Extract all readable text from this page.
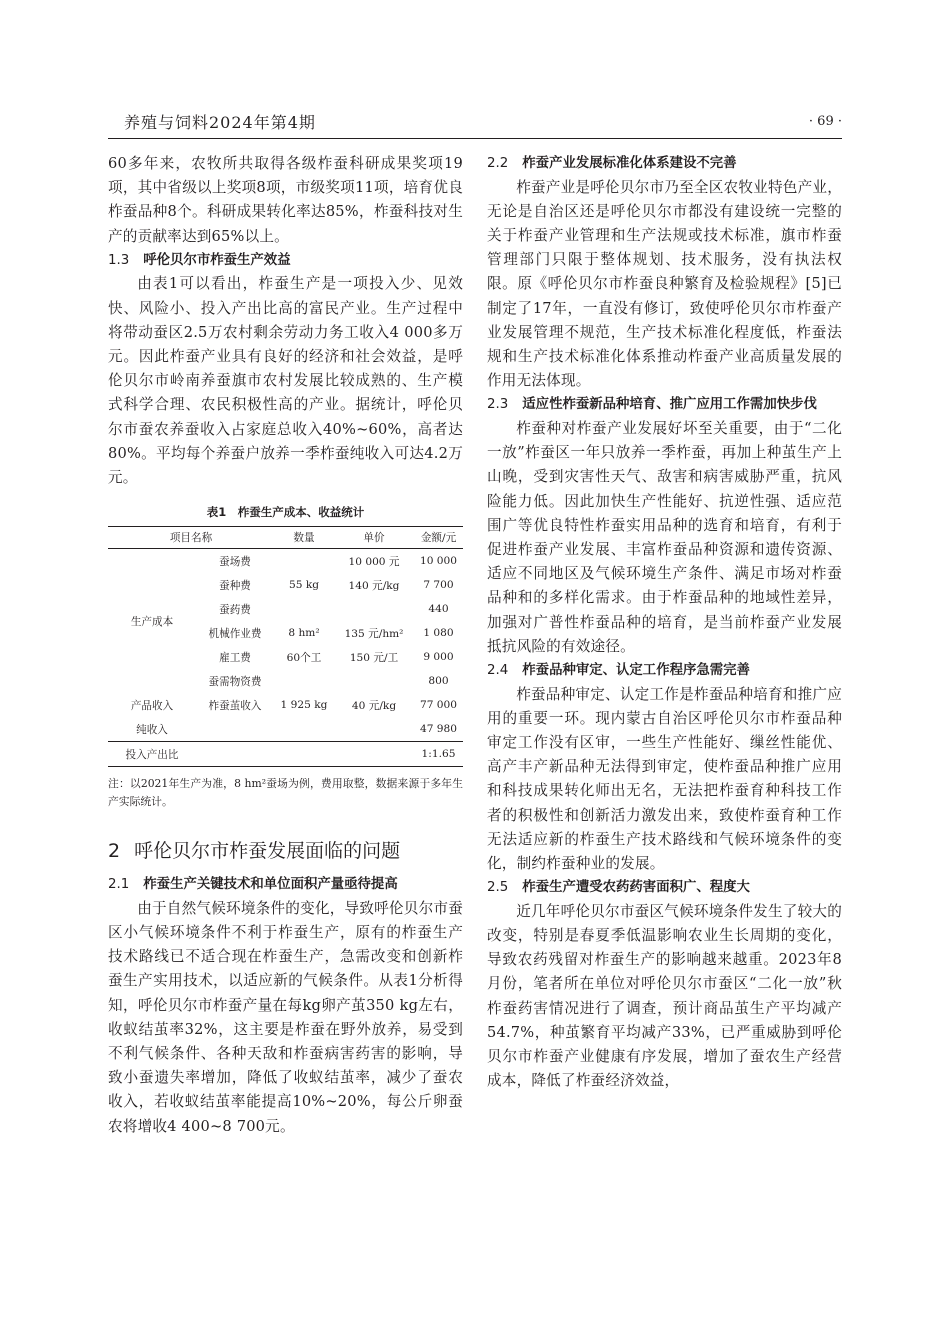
养殖与饲料2024年第4期	· 69 ·

60多年来，农牧所共取得各级柞蚕科研成果奖项19项，其中省级以上奖项8项，市级奖项11项，培育优良柞蚕品种8个。科研成果转化率达85%，柞蚕科技对生产的贡献率达到65%以上。

1.3 呼伦贝尔市柞蚕生产效益

由表1可以看出，柞蚕生产是一项投入少、见效快、风险小、投入产出比高的富民产业。生产过程中将带动蚕区2.5万农村剩余劳动力务工收入4 000多万元。因此柞蚕产业具有良好的经济和社会效益，是呼伦贝尔市岭南养蚕旗市农村发展比较成熟的、生产模式科学合理、农民积极性高的产业。据统计，呼伦贝尔市蚕农养蚕收入占家庭总收入40%~60%，高者达80%。平均每个养蚕户放养一季柞蚕纯收入可达4.2万元。

表1　柞蚕生产成本、收益统计
项目名称		数量	单价	金额/元
生产成本	蚕场费		10 000 元	10 000
	蚕种费	55 kg	140 元/kg	7 700
	蚕药费			440
	机械作业费	8 hm²	135 元/hm²	1 080
	雇工费	60个工	150 元/工	9 000
	蚕需物资费			800
产品收入	柞蚕茧收入	1 925 kg	40 元/kg	77 000
纯收入				47 980
投入产出比				1:1.65
注：以2021年生产为准，8 hm²蚕场为例，费用取整，数据来源于多年生产实际统计。
2 呼伦贝尔市柞蚕发展面临的问题
2.1 柞蚕生产关键技术和单位面积产量亟待提高

由于自然气候环境条件的变化，导致呼伦贝尔市蚕区小气候环境条件不利于柞蚕生产，原有的柞蚕生产技术路线已不适合现在柞蚕生产，急需改变和创新柞蚕生产实用技术，以适应新的气候条件。从表1分析得知，呼伦贝尔市柞蚕产量在每kg卵产茧350 kg左右，收蚁结茧率32%，这主要是柞蚕在野外放养，易受到不利气候条件、各种天敌和柞蚕病害药害的影响，导致小蚕遗失率增加，降低了收蚁结茧率，减少了蚕农收入，若收蚁结茧率能提高10%~20%，每公斤卵蚕农将增收4 400~8 700元。

2.2 柞蚕产业发展标准化体系建设不完善

柞蚕产业是呼伦贝尔市乃至全区农牧业特色产业，无论是自治区还是呼伦贝尔市都没有建设统一完整的关于柞蚕产业管理和生产法规或技术标准，旗市柞蚕管理部门只限于整体规划、技术服务，没有执法权限。原《呼伦贝尔市柞蚕良种繁育及检验规程》[5]已制定了17年，一直没有修订，致使呼伦贝尔市柞蚕产业发展管理不规范，生产技术标准化程度低，柞蚕法规和生产技术标准化体系推动柞蚕产业高质量发展的作用无法体现。

2.3 适应性柞蚕新品种培育、推广应用工作需加快步伐

柞蚕种对柞蚕产业发展好坏至关重要，由于“二化一放”柞蚕区一年只放养一季柞蚕，再加上种茧生产上山晚，受到灾害性天气、敌害和病害威胁严重，抗风险能力低。因此加快生产性能好、抗逆性强、适应范围广等优良特性柞蚕实用品种的选育和培育，有利于促进柞蚕产业发展、丰富柞蚕品种资源和遗传资源、适应不同地区及气候环境生产条件、满足市场对柞蚕品种和的多样化需求。由于柞蚕品种的地域性差异，加强对广普性柞蚕品种的培育，是当前柞蚕产业发展抵抗风险的有效途径。

2.4 柞蚕品种审定、认定工作程序急需完善

柞蚕品种审定、认定工作是柞蚕品种培育和推广应用的重要一环。现内蒙古自治区呼伦贝尔市柞蚕品种审定工作没有区审，一些生产性能好、缫丝性能优、高产丰产新品种无法得到审定，使柞蚕品种推广应用和科技成果转化师出无名，无法把柞蚕育种科技工作者的积极性和创新活力激发出来，致使柞蚕育种工作无法适应新的柞蚕生产技术路线和气候环境条件的变化，制约柞蚕种业的发展。

2.5 柞蚕生产遭受农药药害面积广、程度大

近几年呼伦贝尔市蚕区气候环境条件发生了较大的改变，特别是春夏季低温影响农业生长周期的变化，导致农药残留对柞蚕生产的影响越来越重。2023年8月份，笔者所在单位对呼伦贝尔市蚕区“二化一放”秋柞蚕药害情况进行了调查，预计商品茧生产平均减产54.7%，种茧繁育平均减产33%，已严重威胁到呼伦贝尔市柞蚕产业健康有序发展，增加了蚕农生产经营成本，降低了柞蚕经济效益，
